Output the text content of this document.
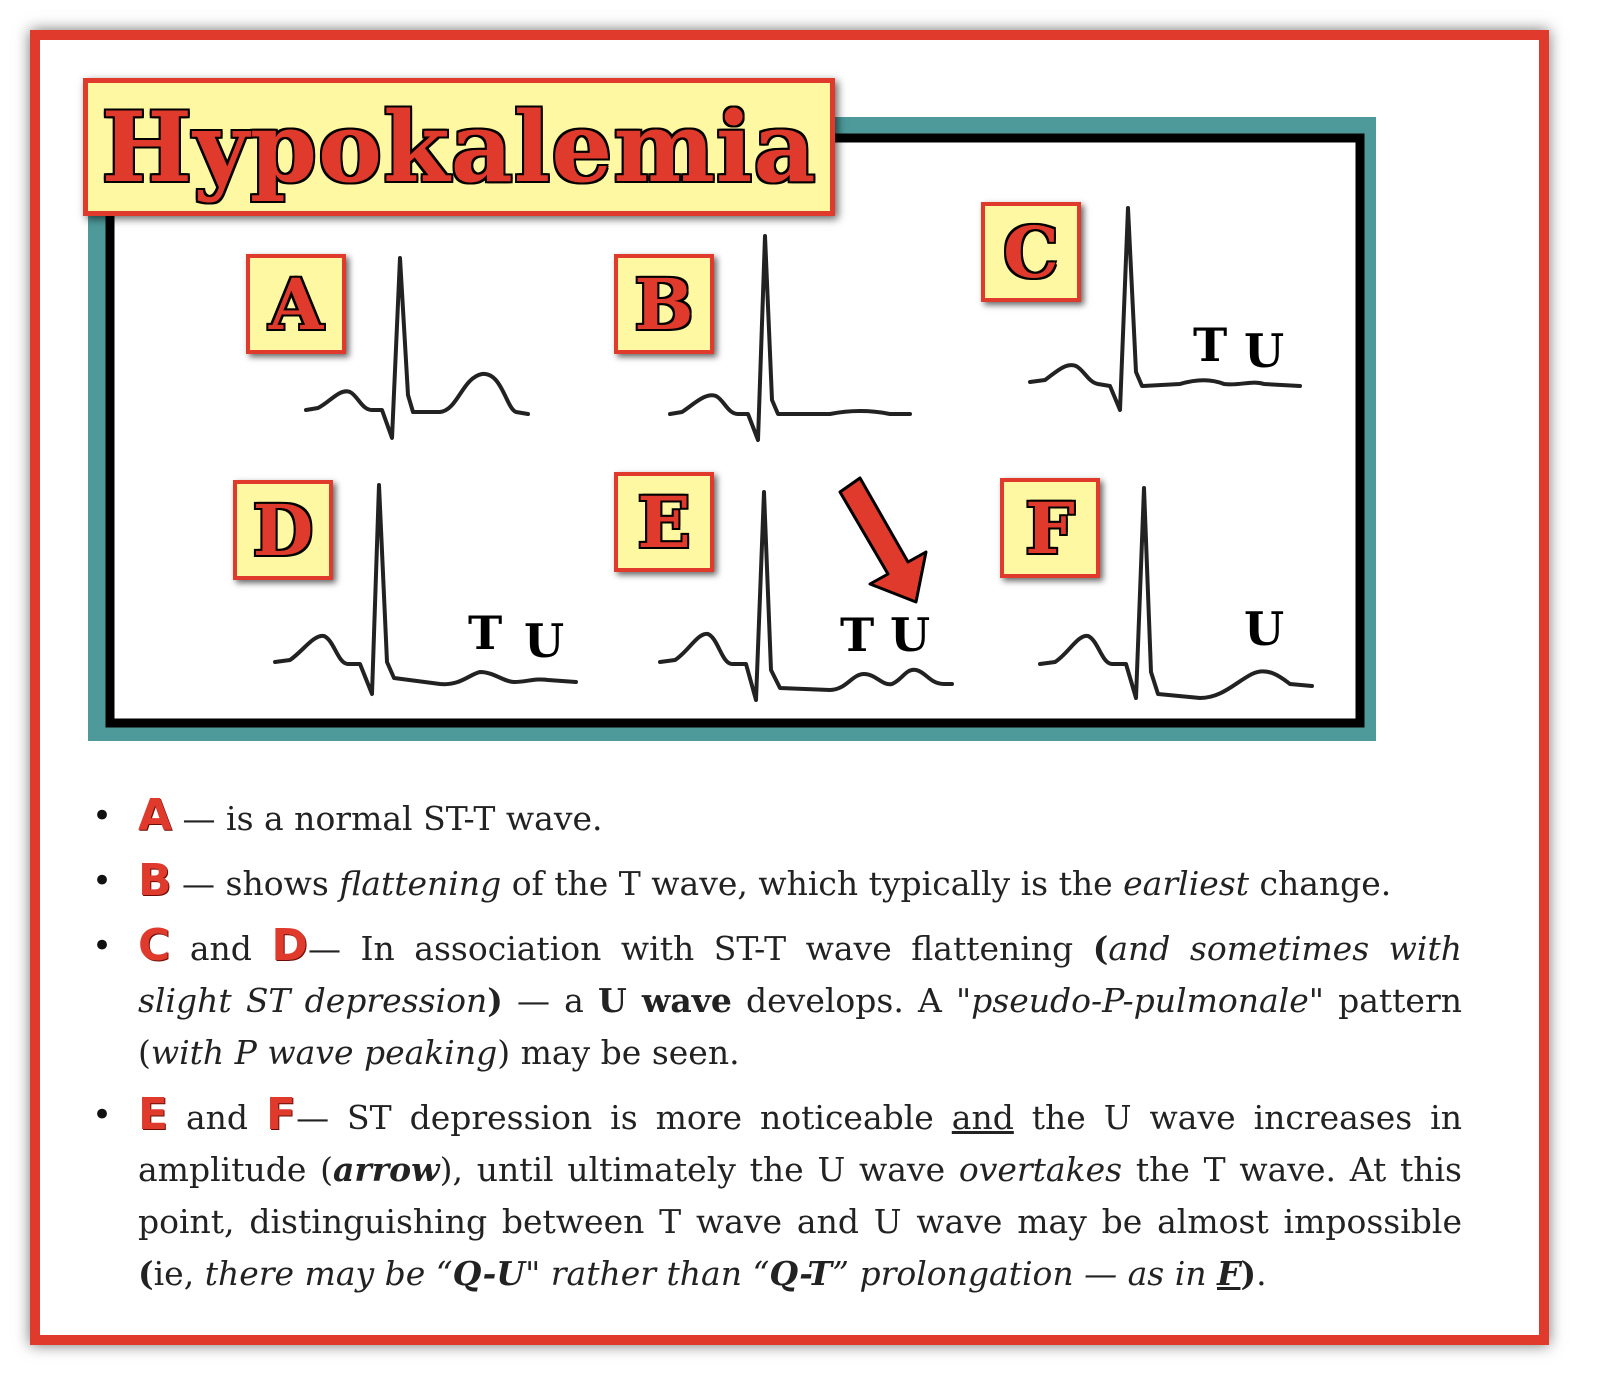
Hypokalemia
A	B
C
D	E	F
T U
T U	T U	U
• A — is a normal ST-T wave.
• B — shows flattening of the T wave, which typically is the earliest change.
• C and D— In association with ST-T wave flattening (and sometimes with slight ST depression) — a U wave develops. A "pseudo-P-pulmonale" pattern (with P wave peaking) may be seen.
• E and F— ST depression is more noticeable and the U wave increases in amplitude (arrow), until ultimately the U wave overtakes the T wave. At this point, distinguishing between T wave and U wave may be almost impossible (ie, there may be “Q-U" rather than “Q-T” prolongation — as in F).
